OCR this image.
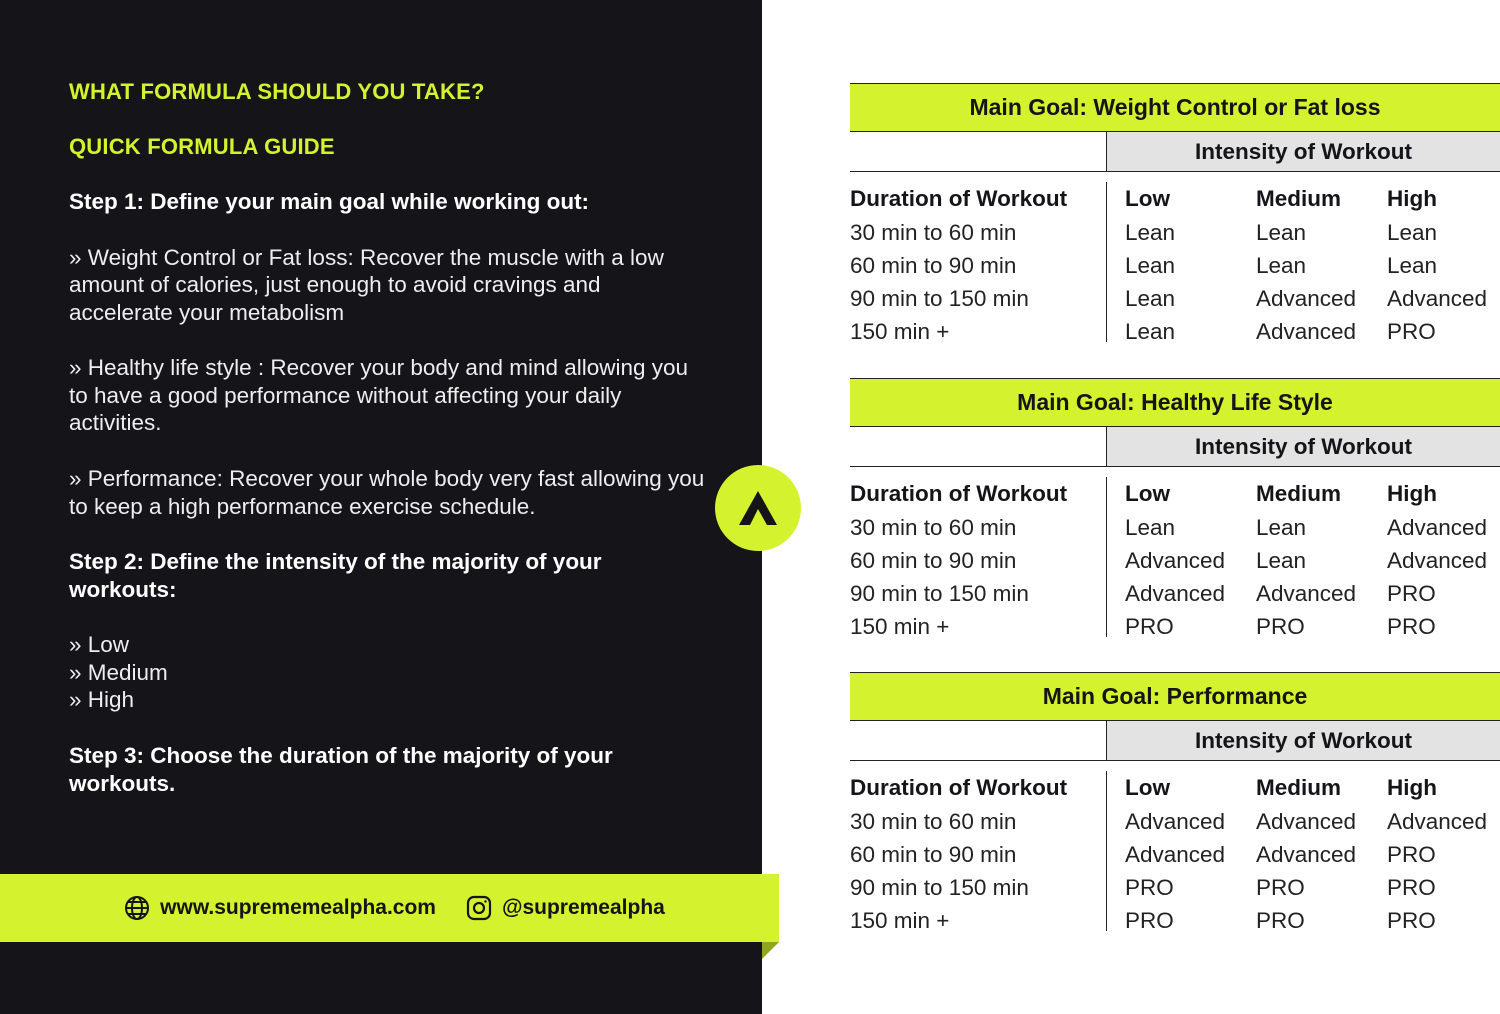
WHAT FORMULA SHOULD YOU TAKE?
QUICK FORMULA GUIDE
Step 1: Define your main goal while working out:
» Weight Control or Fat loss: Recover the muscle with a low amount of calories, just enough to avoid cravings and accelerate your metabolism
» Healthy life style : Recover your body and mind allowing you to have a good performance without affecting your daily activities.
» Performance: Recover your whole body very fast allowing you to keep a high performance exercise schedule.
Step 2: Define the intensity of the majority of your workouts:
» Low
» Medium
» High
Step 3: Choose the duration of the majority of your workouts.
www.suprememealpha.com	@supremealpha
Main Goal: Weight Control or Fat loss
Intensity of Workout
Duration of Workout	Low	Medium High
30 min to 60 min	Lean	Lean	Lean
60 min to 90 min	Lean	Lean	Lean
90 min to 150 min	Lean	Advanced Advanced
150 min +	Lean	Advanced PRO
Main Goal: Healthy Life Style
Intensity of Workout
Duration of Workout	Low	Medium High
30 min to 60 min	Lean	Lean	Advanced
60 min to 90 min	Advanced Lean	Advanced
90 min to 150 min	Advanced Advanced PRO
150 min +	PRO	PRO	PRO
Main Goal: Performance
Intensity of Workout
Duration of Workout	Low	Medium High
30 min to 60 min	Advanced Advanced Advanced
60 min to 90 min	Advanced Advanced PRO
90 min to 150 min	PRO	PRO	PRO
150 min +	PRO	PRO	PRO
